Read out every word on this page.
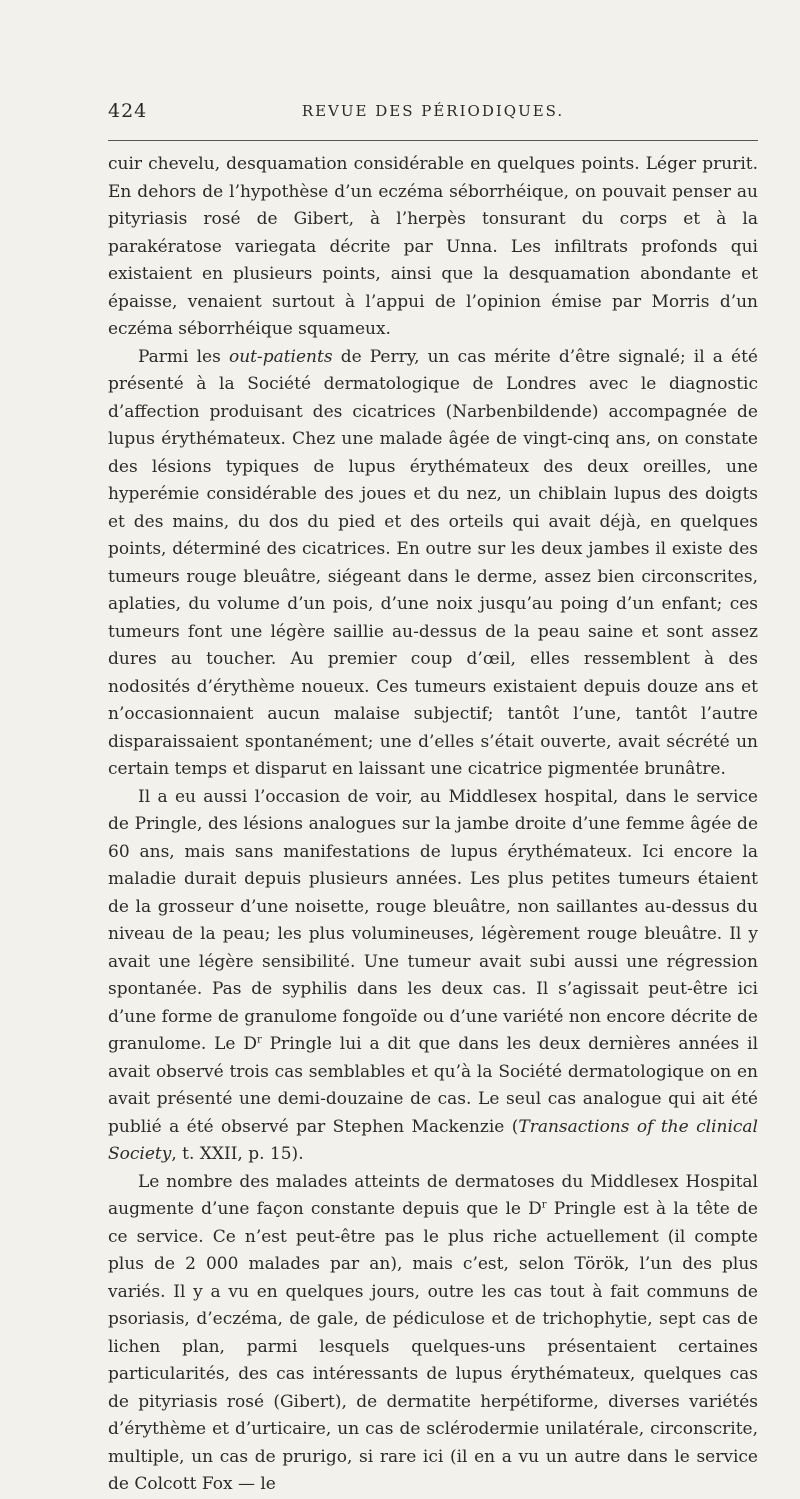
424	REVUE DES PÉRIODIQUES.

cuir chevelu, desquamation considérable en quelques points. Léger prurit. En dehors de l’hypothèse d’un eczéma séborrhéique, on pouvait penser au pityriasis rosé de Gibert, à l’herpès tonsurant du corps et à la parakératose variegata décrite par Unna. Les infiltrats profonds qui existaient en plusieurs points, ainsi que la desquamation abondante et épaisse, venaient surtout à l’appui de l’opinion émise par Morris d’un eczéma séborrhéique squameux.

Parmi les out-patients de Perry, un cas mérite d’être signalé; il a été présenté à la Société dermatologique de Londres avec le diagnostic d’affection produisant des cicatrices (Narbenbildende) accompagnée de lupus érythémateux. Chez une malade âgée de vingt-cinq ans, on constate des lésions typiques de lupus érythémateux des deux oreilles, une hyperémie considérable des joues et du nez, un chiblain lupus des doigts et des mains, du dos du pied et des orteils qui avait déjà, en quelques points, déterminé des cicatrices. En outre sur les deux jambes il existe des tumeurs rouge bleuâtre, siégeant dans le derme, assez bien circonscrites, aplaties, du volume d’un pois, d’une noix jusqu’au poing d’un enfant; ces tumeurs font une légère saillie au-dessus de la peau saine et sont assez dures au toucher. Au premier coup d’œil, elles ressemblent à des nodosités d’érythème noueux. Ces tumeurs existaient depuis douze ans et n’occasionnaient aucun malaise subjectif; tantôt l’une, tantôt l’autre disparaissaient spontanément; une d’elles s’était ouverte, avait sécrété un certain temps et disparut en laissant une cicatrice pigmentée brunâtre.

Il a eu aussi l’occasion de voir, au Middlesex hospital, dans le service de Pringle, des lésions analogues sur la jambe droite d’une femme âgée de 60 ans, mais sans manifestations de lupus érythémateux. Ici encore la maladie durait depuis plusieurs années. Les plus petites tumeurs étaient de la grosseur d’une noisette, rouge bleuâtre, non saillantes au-dessus du niveau de la peau; les plus volumineuses, légèrement rouge bleuâtre. Il y avait une légère sensibilité. Une tumeur avait subi aussi une régression spontanée. Pas de syphilis dans les deux cas. Il s’agissait peut-être ici d’une forme de granulome fongoïde ou d’une variété non encore décrite de granulome. Le $D^r$ Pringle lui a dit que dans les deux dernières années il avait observé trois cas semblables et qu’à la Société dermatologique on en avait présenté une demi-douzaine de cas. Le seul cas analogue qui ait été publié a été observé par Stephen Mackenzie (Transactions of the clinical Society, t. XXII, p. 15).

Le nombre des malades atteints de dermatoses du Middlesex Hospital augmente d’une façon constante depuis que le $D^r$ Pringle est à la tête de ce service. Ce n’est peut-être pas le plus riche actuellement (il compte plus de 2 000 malades par an), mais c’est, selon Török, l’un des plus variés. Il y a vu en quelques jours, outre les cas tout à fait communs de psoriasis, d’eczéma, de gale, de pédiculose et de trichophytie, sept cas de lichen plan, parmi lesquels quelques-uns présentaient certaines particularités, des cas intéressants de lupus érythémateux, quelques cas de pityriasis rosé (Gibert), de dermatite herpétiforme, diverses variétés d’érythème et d’urticaire, un cas de sclérodermie unilatérale, circonscrite, multiple, un cas de prurigo, si rare ici (il en a vu un autre dans le service de Colcott Fox — le
